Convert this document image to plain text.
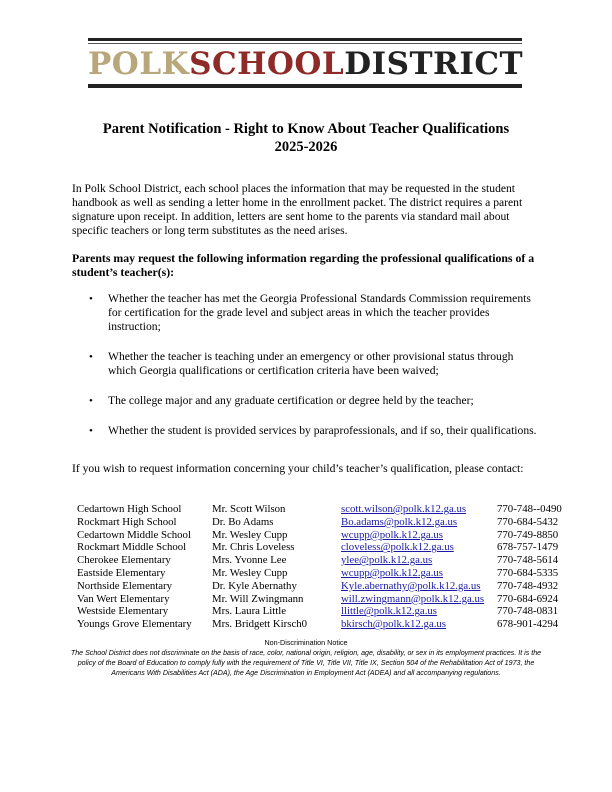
POLKSCHOOLDISTRICT
Parent Notification - Right to Know About Teacher Qualifications
2025-2026
In Polk School District, each school places the information that may be requested in the student handbook as well as sending a letter home in the enrollment packet. The district requires a parent signature upon receipt. In addition, letters are sent home to the parents via standard mail about specific teachers or long term substitutes as the need arises.
Parents may request the following information regarding the professional qualifications of a student’s teacher(s):
• Whether the teacher has met the Georgia Professional Standards Commission requirements for certification for the grade level and subject areas in which the teacher provides instruction;
• Whether the teacher is teaching under an emergency or other provisional status through which Georgia qualifications or certification criteria have been waived;
• The college major and any graduate certification or degree held by the teacher;
• Whether the student is provided services by paraprofessionals, and if so, their qualifications.
If you wish to request information concerning your child’s teacher’s qualification, please contact:
Cedartown High School	Mr. Scott Wilson	scott.wilson@polk.k12.ga.us	770-748--0490
Rockmart High School	Dr. Bo Adams	Bo.adams@polk.k12.ga.us	770-684-5432
Cedartown Middle School Mr. Wesley Cupp	wcupp@polk.k12.ga.us	770-749-8850
Rockmart Middle School Mr. Chris Loveless	cloveless@polk.k12.ga.us	678-757-1479
Cherokee Elementary	Mrs. Yvonne Lee	ylee@polk.k12.ga.us	770-748-5614
Eastside Elementary	Mr. Wesley Cupp	wcupp@polk.k12.ga.us	770-684-5335
Northside Elementary	Dr. Kyle Abernathy	Kyle.abernathy@polk.k12.ga.us 770-748-4932
Van Wert Elementary	Mr. Will Zwingmann	will.zwingmann@polk.k12.ga.us 770-684-6924
Westside Elementary	Mrs. Laura Little	llittle@polk.k12.ga.us	770-748-0831
Youngs Grove Elementary Mrs. Bridgett Kirsch0	bkirsch@polk.k12.ga.us	678-901-4294
Non-Discrimination Notice
The School District does not discriminate on the basis of race, color, national origin, religion, age, disability, or sex in its employment practices. It is the policy of the Board of Education to comply fully with the requirement of Title VI, Title VII, Title IX, Section 504 of the Rehabilitation Act of 1973, the Americans With Disabilities Act (ADA), the Age Discrimination in Employment Act (ADEA) and all accompanying regulations.
